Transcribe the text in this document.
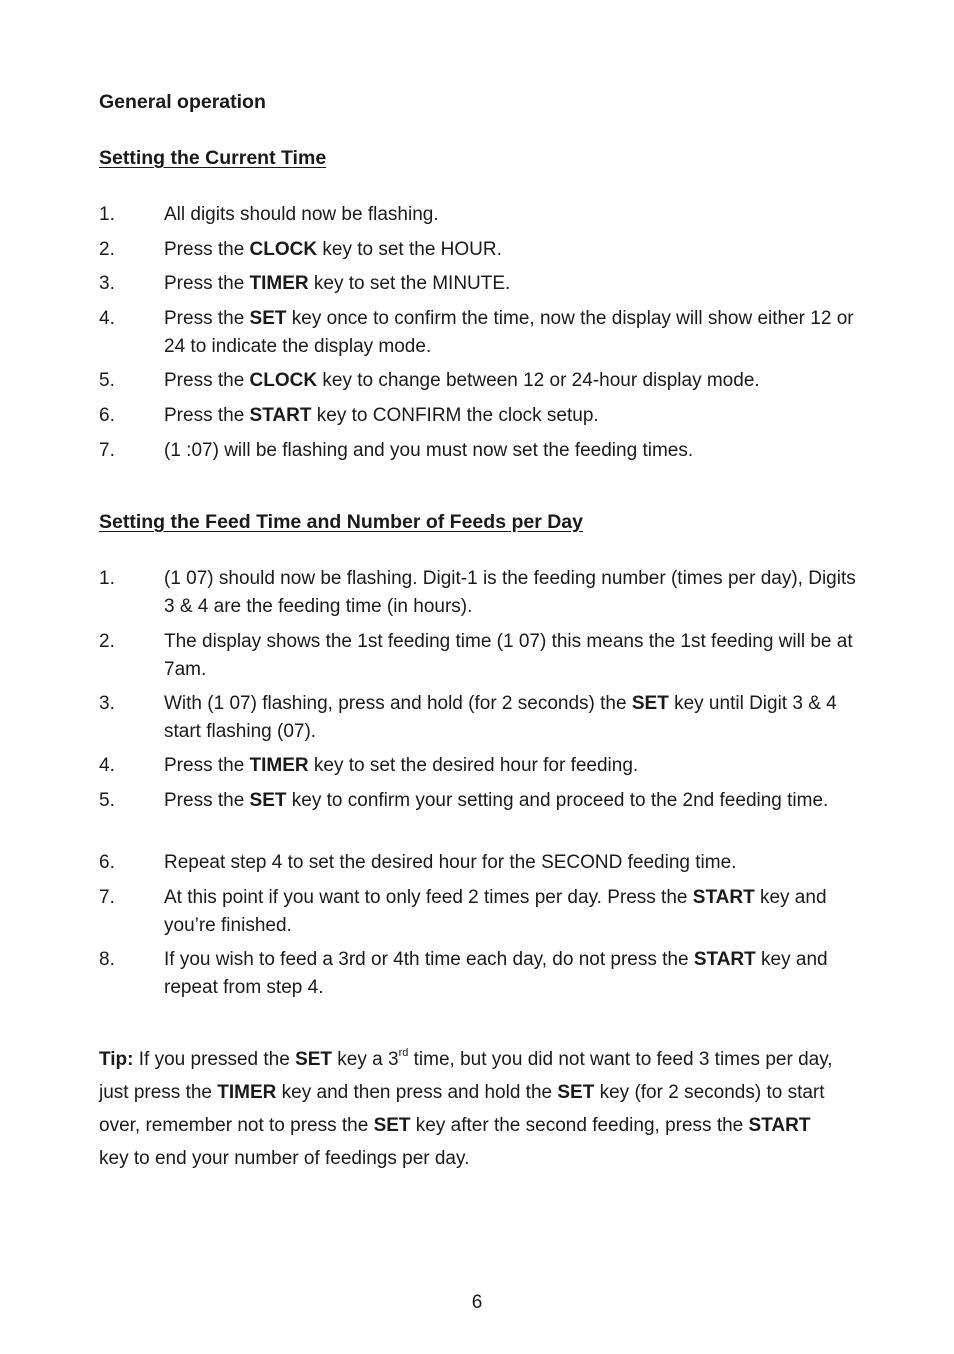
General operation
Setting the Current Time
1.	All digits should now be flashing.
2.	Press the CLOCK key to set the HOUR.
3.	Press the TIMER key to set the MINUTE.
4.	Press the SET key once to confirm the time, now the display will show either 12 or 24 to indicate the display mode.
5.	Press the CLOCK key to change between 12 or 24-hour display mode.
6.	Press the START key to CONFIRM the clock setup.
7.	(1 :07) will be flashing and you must now set the feeding times.
Setting the Feed Time and Number of Feeds per Day
1.	(1 07) should now be flashing. Digit-1 is the feeding number (times per day), Digits 3 & 4 are the feeding time (in hours).
2.	The display shows the 1st feeding time (1 07) this means the 1st feeding will be at 7am.
3.	With (1 07) flashing, press and hold (for 2 seconds) the SET key until Digit 3 & 4 start flashing (07).
4.	Press the TIMER key to set the desired hour for feeding.
5.	Press the SET key to confirm your setting and proceed to the 2nd feeding time.
6.	Repeat step 4 to set the desired hour for the SECOND feeding time.
7.	At this point if you want to only feed 2 times per day. Press the START key and you’re finished.
8.	If you wish to feed a 3rd or 4th time each day, do not press the START key and repeat from step 4.
Tip: If you pressed the SET key a 3rd time, but you did not want to feed 3 times per day, just press the TIMER key and then press and hold the SET key (for 2 seconds) to start over, remember not to press the SET key after the second feeding, press the START key to end your number of feedings per day.
6
